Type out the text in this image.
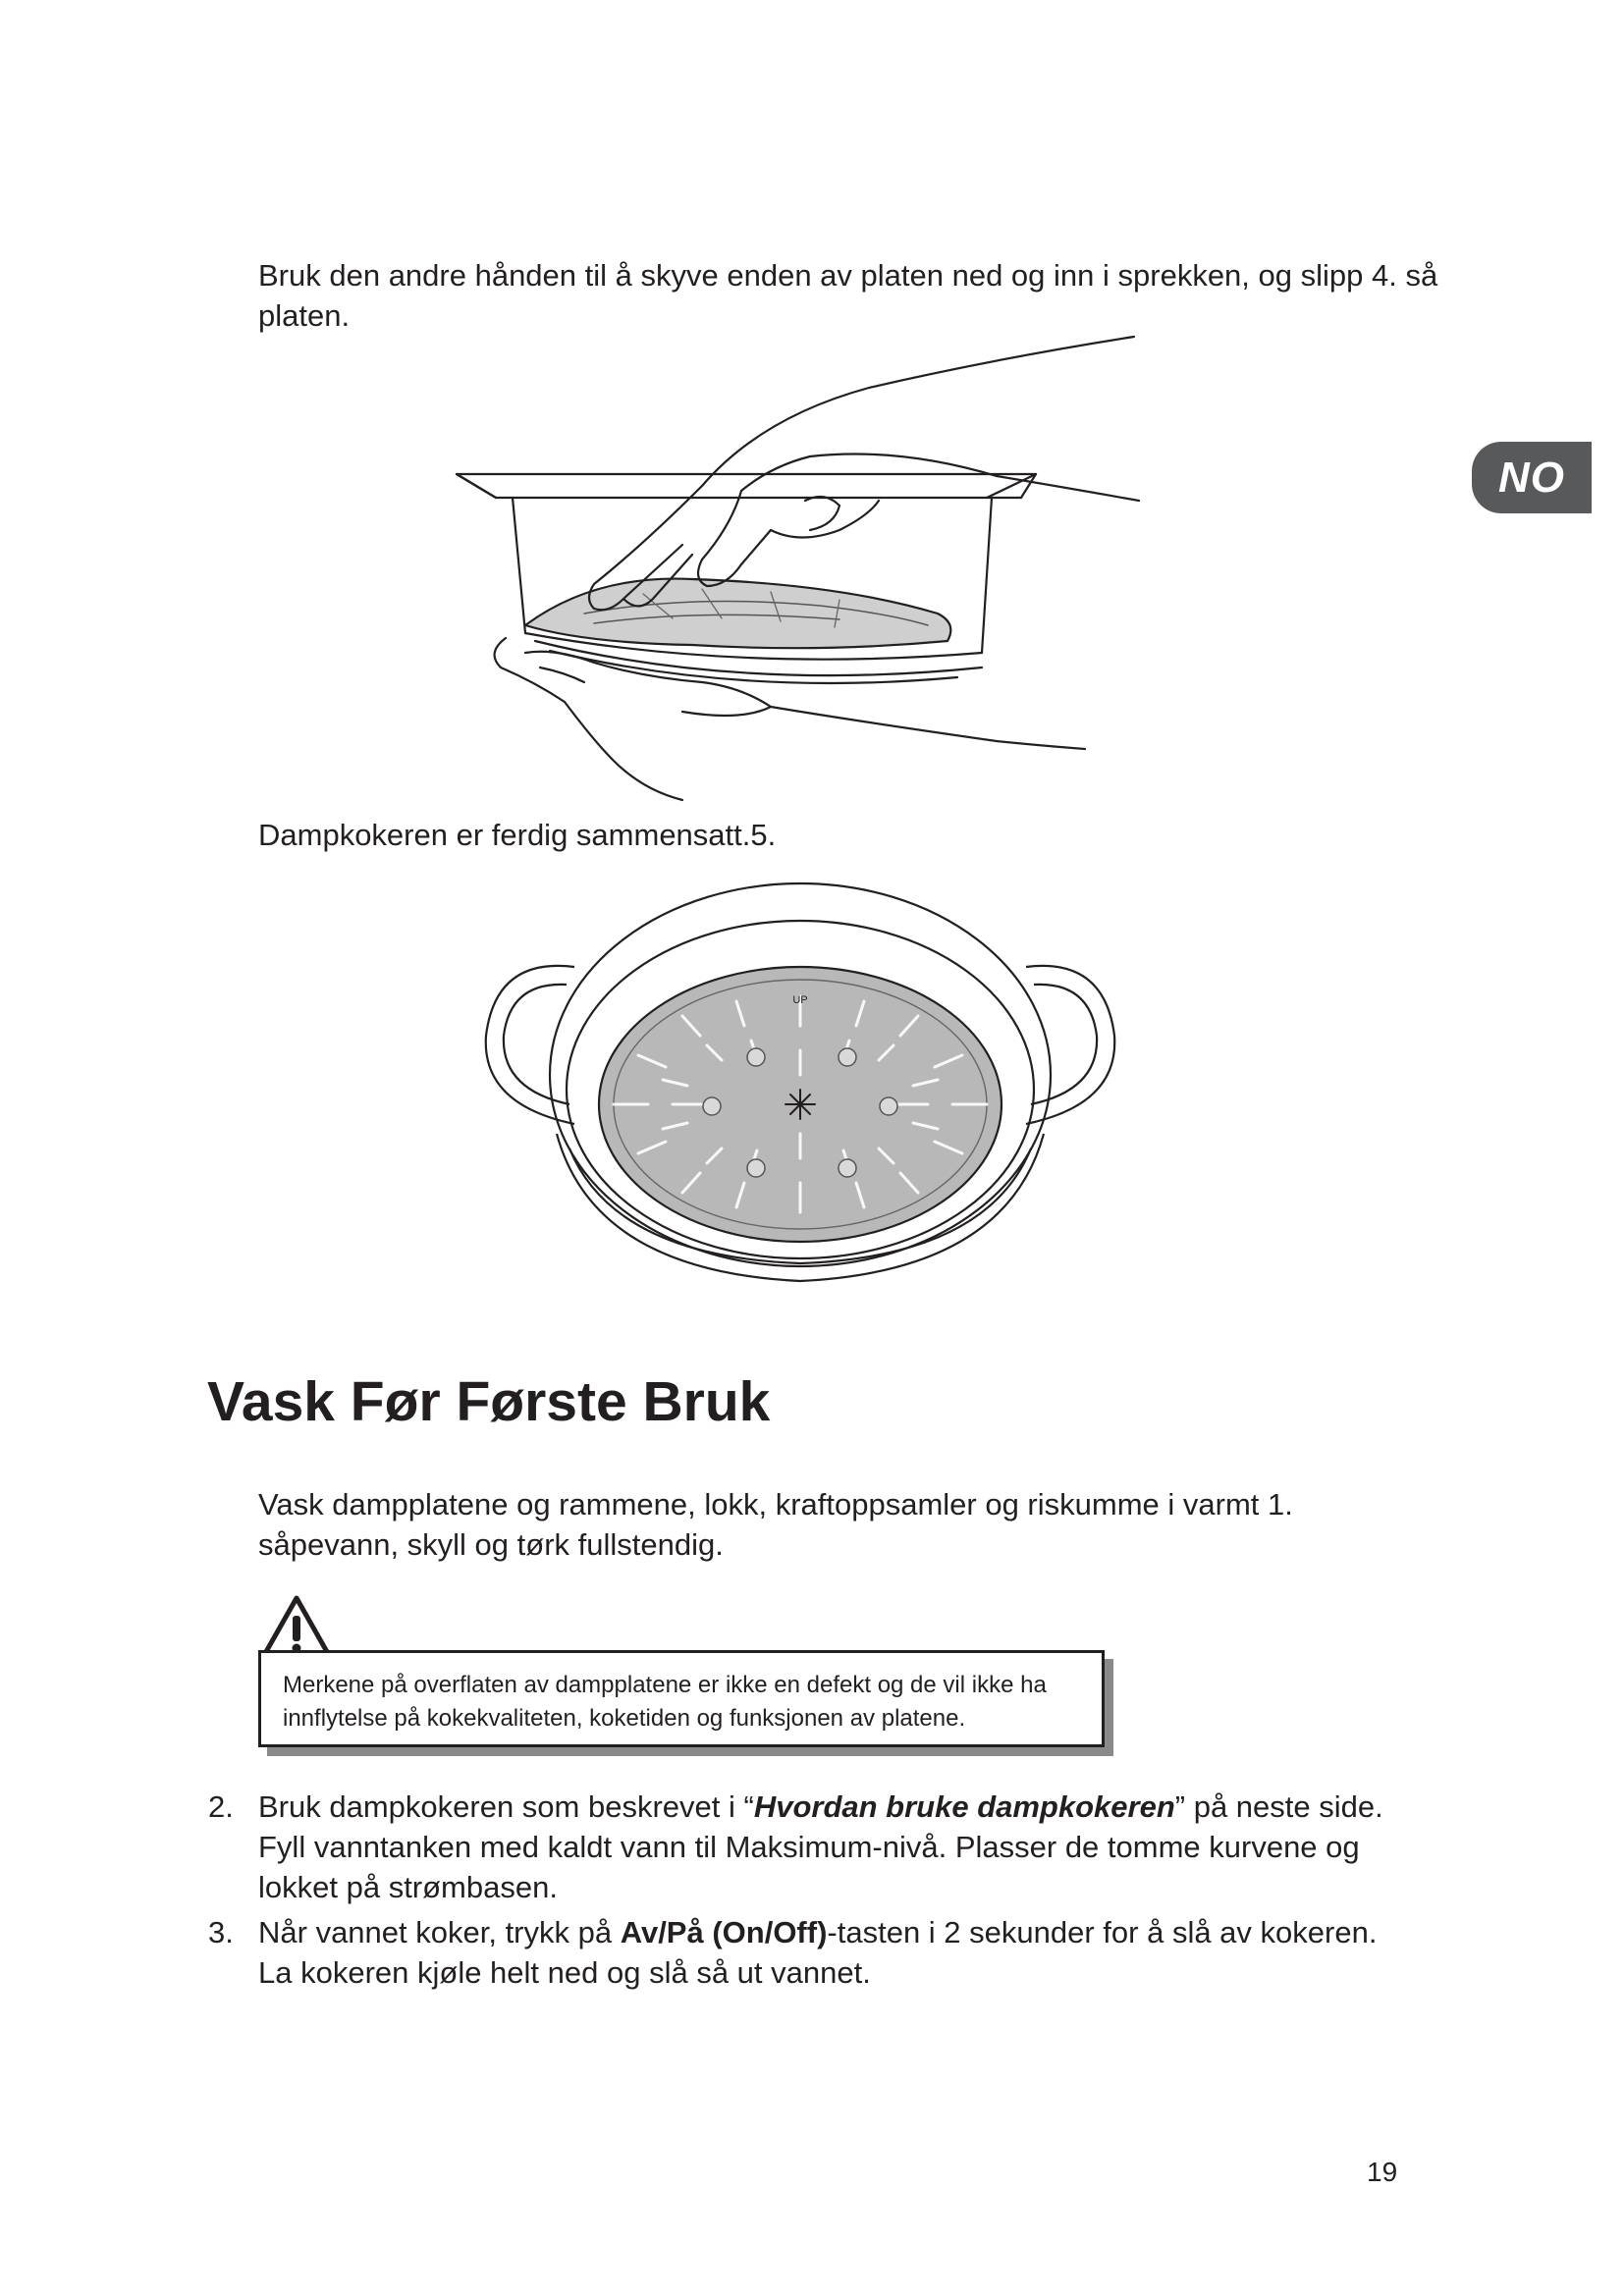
NO
Bruk den andre hånden til å skyve enden av platen ned og inn i sprekken, og slipp 4. så platen.
Dampkokeren er ferdig sammensatt.5.
UP
Vask Før Første Bruk
Vask dampplatene og rammene, lokk, kraftoppsamler og riskumme i varmt 1. såpevann, skyll og tørk fullstendig.
Merkene på overflaten av dampplatene er ikke en defekt og de vil ikke ha innflytelse på kokekvaliteten, koketiden og funksjonen av platene.
2. Bruk dampkokeren som beskrevet i “Hvordan bruke dampkokeren” på neste side. Fyll vanntanken med kaldt vann til Maksimum-nivå. Plasser de tomme kurvene og lokket på strømbasen.
3. Når vannet koker, trykk på Av/På (On/Off)-tasten i 2 sekunder for å slå av kokeren. La kokeren kjøle helt ned og slå så ut vannet.
19
